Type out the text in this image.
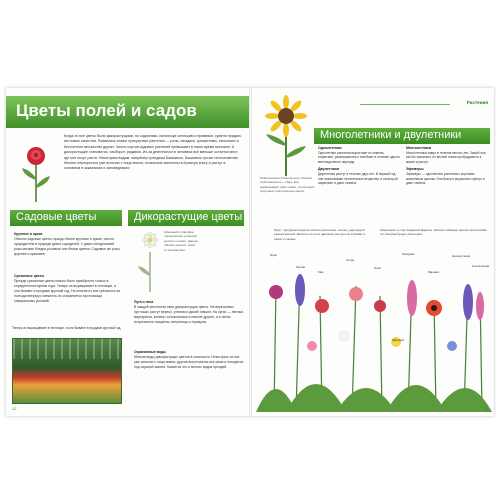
Цветы полей и садов
Когда-то все цветы были дикорастущими, но садовники, используя селекцию и прививки, сумели придать им новые качества. Появились новые прекрасные растения — розы, гвоздики, хризантемы, тюльпаны и бессчетное множество других. Число сортов садовых растений превышает в наше время миллион. А дикорастущие становятся, наоборот, редкими. Из-за деятельности человека все меньше остается мест, где они могут расти. Некоторым видам, например орхидеям Башмачок, Башмачок грозит исчезновение. Многие перекрестья уже исчезли с лица земли, остальные занесены в Красную книгу и растут в основном в заказниках и заповедниках.
Садовые цветы	Дикорастущие цветы
Крупные и яркие
Обычно садовые цветы гораздо более крупные и яркие, чем их прародители в природе диких сородичей. У диких сегодняшней розы мелкие бледно-розовые или белые цветки. Садовые же розы крупнее и красивее.
Срезанные цветы
Прежде срезанные цветы можно было приобрести только в определенное время года. Теперь их выращивают в теплицах, и они бывают в продаже круглый год. Но многие из них срезаются за полгода вперед и свежесть их сохраняется при помощи специальных условий.
Теперь их выращивают в теплицах, и они бывают в продаже круглый год.
Эдельвейс стройна-тый растет в Альпах высоко в горах. Цветы обычно мелкие, зато их множество.
Луга и леса
В каждой местности свои дикорастущие цветы. На вересковых пустошах растут вереск, утесник и дикий тимьян. На лугах — лютики, маргаритки, клевер, колокольчики и многие другие, а в лесах встречаются гиацинты, ветреницы и примулы.
Охраняемые виды
Многие виды дикорастущих цветов в опасности. Некоторые из них уже исчезли с лица земли, другие встречаются все реже и находятся под охраной закона. Касается это и многих видов орхидей.
12
Растения
Подсолнечник (однолетник). Родина подсолнечника — Перу. Его выращивают ради семян, из которых получают подсолнечное масло.
Многолетники и двулетники
Однолетники
Однолетние растения вырастают из семени, отцветают, размножаются и погибают в течение одного вегетационного периода.
Двулетники
Двулетники растут в течение двух лет. В первый год они накапливают питательные вещества, а на второй зацветают и дают семена.
Многолетники
Многолетники живут в течение многих лет. Зимой они как бы засыпают, но весной снова пробуждаются к жизни и растут.
Эфемеры
Эфемеры — однолетние растения с коротким жизненным циклом. Они быстро вырастают, цветут и дают семена.
Ирис, пурпурный цветок дикого растения, лютик, цветущий ранней весной. Многие из этих цветков растут на клумбах в садах и парках.
Эдельвейс из гор Северной Европы. Многие садовые цветы происходят от дикорастущих растений.
Ирис
Люпин
Мак
Астра
Роза
Гвоздика
Мальва
Наперстянка
Колокольчик
Шалфей
13
